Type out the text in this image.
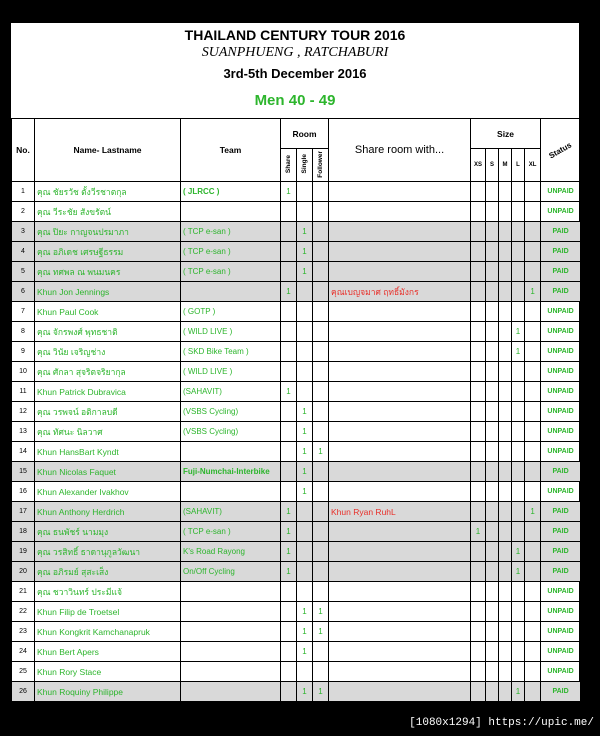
THAILAND CENTURY TOUR 2016
SUANPHUENG , RATCHABURI
3rd-5th December 2016
Men 40 - 49
No.	Name- Lastname	Team	Room			Share room with...	Size					Status
			Share	Single	Follower		XS	S	M	L	XL	
1	คุณ ชัยรวัช ตั้งวีรชาตกุล	( JLRCC )	1									UNPAID
2	คุณ วีระชัย สังขรัตน์											UNPAID
3	คุณ ปิยะ กาญจนปรมาภา	( TCP e-san )		1								PAID
4	คุณ อภิเดช เศรษฐีธรรม	( TCP e-san )		1								PAID
5	คุณ ทศพล ณ พนมนคร	( TCP e-san )		1								PAID
6	Khun Jon Jennings		1			คุณเบญจมาศ ฤทธิ์มังกร					1	PAID
7	Khun Paul Cook	( GOTP )										UNPAID
8	คุณ จักรพงศ์ พุทธชาติ	( WILD LIVE )								1		UNPAID
9	คุณ วินัย เจริญช่าง	( SKD Bike Team )								1		UNPAID
10	คุณ ศักลา สุจริตจริยากุล	( WILD LIVE )										UNPAID
11	Khun Patrick Dubravica	(SAHAVIT)	1									UNPAID
12	คุณ วรพจน์ อติกาลบดี	(VSBS Cycling)		1								UNPAID
13	คุณ ทัศนะ นิลวาศ	(VSBS Cycling)		1								UNPAID
14	Khun HansBart Kyndt			1	1							UNPAID
15	Khun Nicolas Faquet	Fuji-Numchai-Interbike		1								PAID
16	Khun Alexander Ivakhov			1								UNPAID
17	Khun Anthony Herdrich	(SAHAVIT)	1			Khun Ryan RuhL					1	PAID
18	คุณ ธนพัชร์ นามมุง	( TCP e-san )	1				1					PAID
19	คุณ วรสิทธิ์ ธาดานุกูลวัฒนา	K's Road Rayong	1							1		PAID
20	คุณ อภิรมย์ สุสะเส็ง	On/Off Cycling	1							1		PAID
21	คุณ ชวาวินทร์ ประมีแจ้											UNPAID
22	Khun Filip de Troetsel			1	1							UNPAID
23	Khun Kongkrit Kamchanapruk			1	1							UNPAID
24	Khun Bert Apers			1								UNPAID
25	Khun Rory Stace											UNPAID
26	Khun Roquiny Philippe			1	1					1		PAID
[1080x1294] https://upic.me/
